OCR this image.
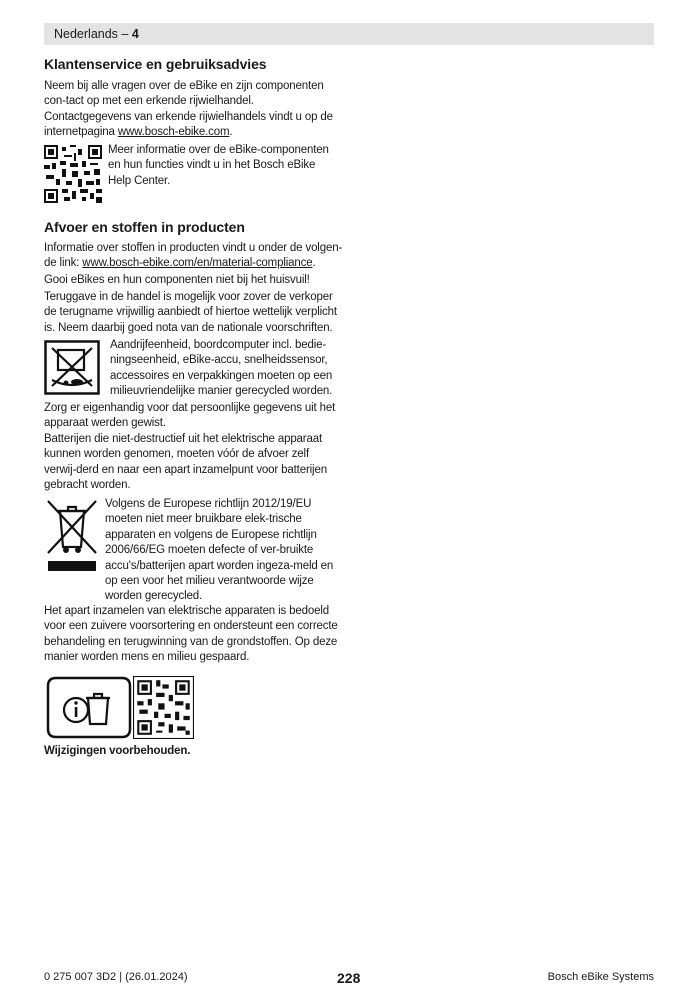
Nederlands – 4
Klantenservice en gebruiksadvies

Neem bij alle vragen over de eBike en zijn componenten con-tact op met een erkende rijwielhandel.

Contactgegevens van erkende rijwielhandels vindt u op de
internetpagina www.bosch-ebike.com.

Meer informatie over de eBike-componenten en hun functies vindt u in het Bosch eBike Help Center.

Afvoer en stoffen in producten

Informatie over stoffen in producten vindt u onder de volgen-
de link: www.bosch-ebike.com/en/material-compliance.

Gooi eBikes en hun componenten niet bij het huisvuil!

Teruggave in de handel is mogelijk voor zover de verkoper de terugname vrijwillig aanbiedt of hiertoe wettelijk verplicht is. Neem daarbij goed nota van de nationale voorschriften.

Aandrijfeenheid, boordcomputer incl. bedie-ningseenheid, eBike-accu, snelheidssensor, accessoires en verpakkingen moeten op een milieuvriendelijke manier gerecycled worden.

Zorg er eigenhandig voor dat persoonlijke gegevens uit het apparaat werden gewist.

Batterijen die niet-destructief uit het elektrische apparaat kunnen worden genomen, moeten vóór de afvoer zelf verwij-derd en naar een apart inzamelpunt voor batterijen gebracht worden.

Volgens de Europese richtlijn 2012/19/EU moeten niet meer bruikbare elek-trische apparaten en volgens de Europese richtlijn 2006/66/EG moeten defecte of ver-bruikte accu's/batterijen apart worden ingeza-meld en op een voor het milieu verantwoorde wijze worden gerecycled.

Het apart inzamelen van elektrische apparaten is bedoeld voor een zuivere voorsortering en ondersteunt een correcte behandeling en terugwinning van de grondstoffen. Op deze manier worden mens en milieu gespaard.

Wijzigingen voorbehouden.

0 275 007 3D2 | (26.01.2024)	228	Bosch eBike Systems
